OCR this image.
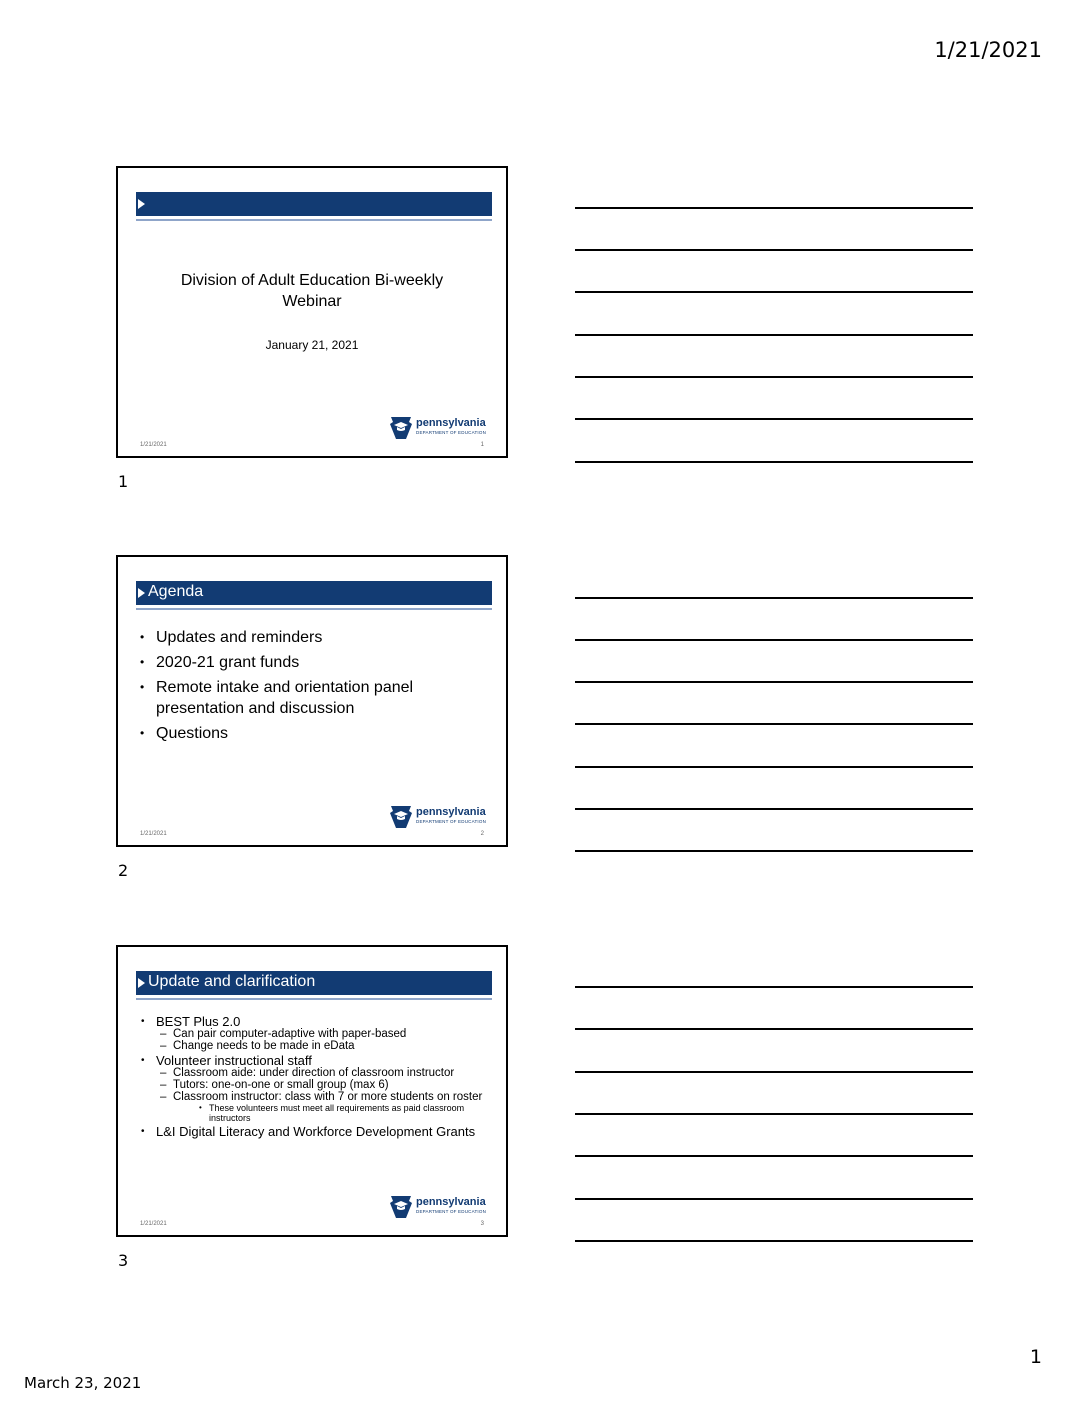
1/21/2021
Division of Adult Education Bi-weekly Webinar
January 21, 2021
pennsylvania
DEPARTMENT OF EDUCATION
1/21/2021	1
1
Agenda
• Updates and reminders
• 2020-21 grant funds
• Remote intake and orientation panel presentation and discussion
• Questions
pennsylvania
DEPARTMENT OF EDUCATION
1/21/2021	2
2
Update and clarification
• BEST Plus 2.0
– Can pair computer-adaptive with paper-based
– Change needs to be made in eData
• Volunteer instructional staff
– Classroom aide: under direction of classroom instructor
– Tutors: one-on-one or small group (max 6)
– Classroom instructor: class with 7 or more students on roster
• These volunteers must meet all requirements as paid classroom instructors
• L&I Digital Literacy and Workforce Development Grants
pennsylvania
DEPARTMENT OF EDUCATION
1/21/2021	3
3
1
March 23, 2021
